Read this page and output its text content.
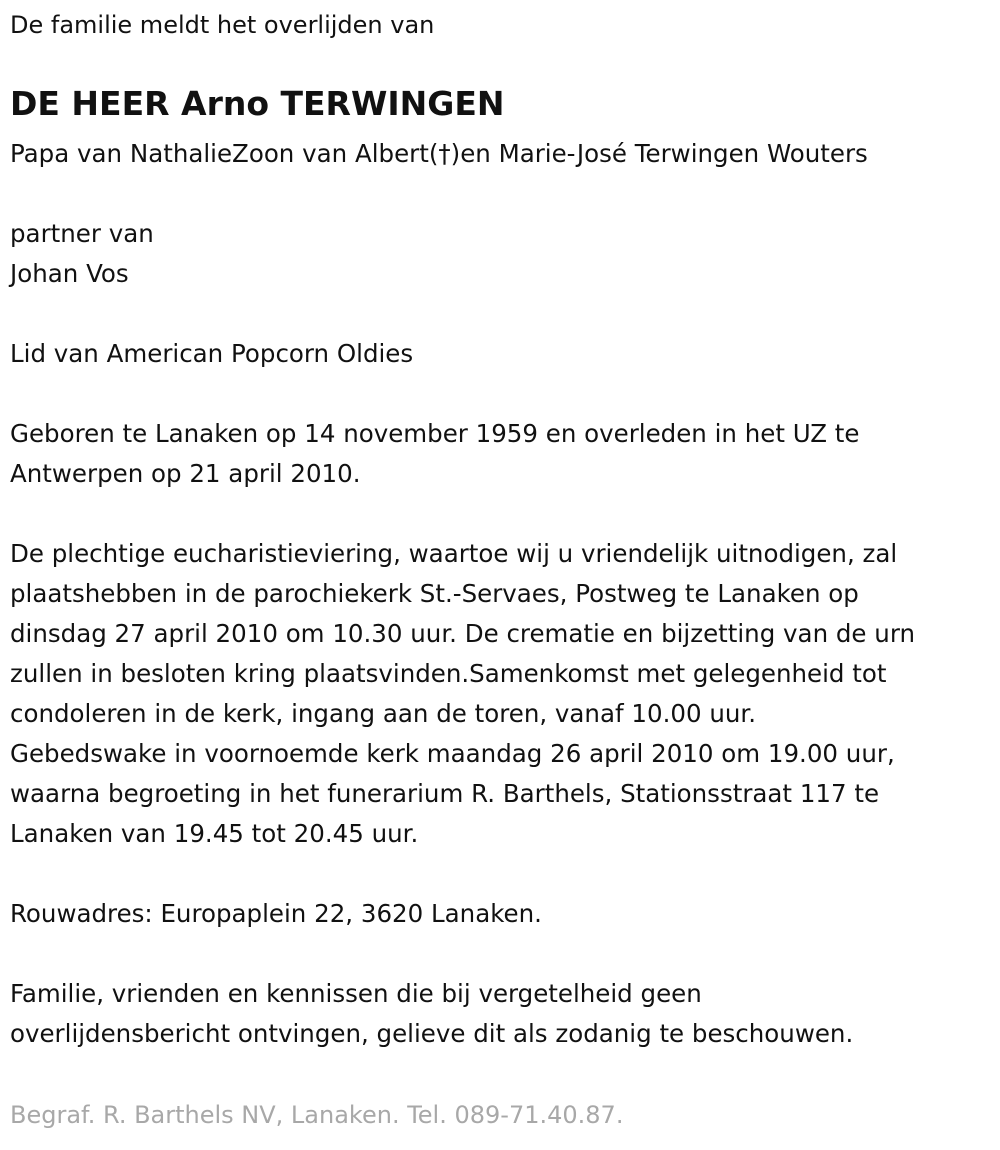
De familie meldt het overlijden van
DE HEER Arno TERWINGEN
Papa van NathalieZoon van Albert(†)en Marie-José Terwingen Wouters
partner van
Johan Vos
Lid van American Popcorn Oldies
Geboren te Lanaken op 14 november 1959 en overleden in het UZ te
Antwerpen op 21 april 2010.
De plechtige eucharistieviering, waartoe wij u vriendelijk uitnodigen, zal
plaatshebben in de parochiekerk St.-Servaes, Postweg te Lanaken op
dinsdag 27 april 2010 om 10.30 uur. De crematie en bijzetting van de urn
zullen in besloten kring plaatsvinden.Samenkomst met gelegenheid tot
condoleren in de kerk, ingang aan de toren, vanaf 10.00 uur.
Gebedswake in voornoemde kerk maandag 26 april 2010 om 19.00 uur,
waarna begroeting in het funerarium R. Barthels, Stationsstraat 117 te
Lanaken van 19.45 tot 20.45 uur.
Rouwadres: Europaplein 22, 3620 Lanaken.
Familie, vrienden en kennissen die bij vergetelheid geen
overlijdensbericht ontvingen, gelieve dit als zodanig te beschouwen.
Begraf. R. Barthels NV, Lanaken. Tel. 089-71.40.87.
